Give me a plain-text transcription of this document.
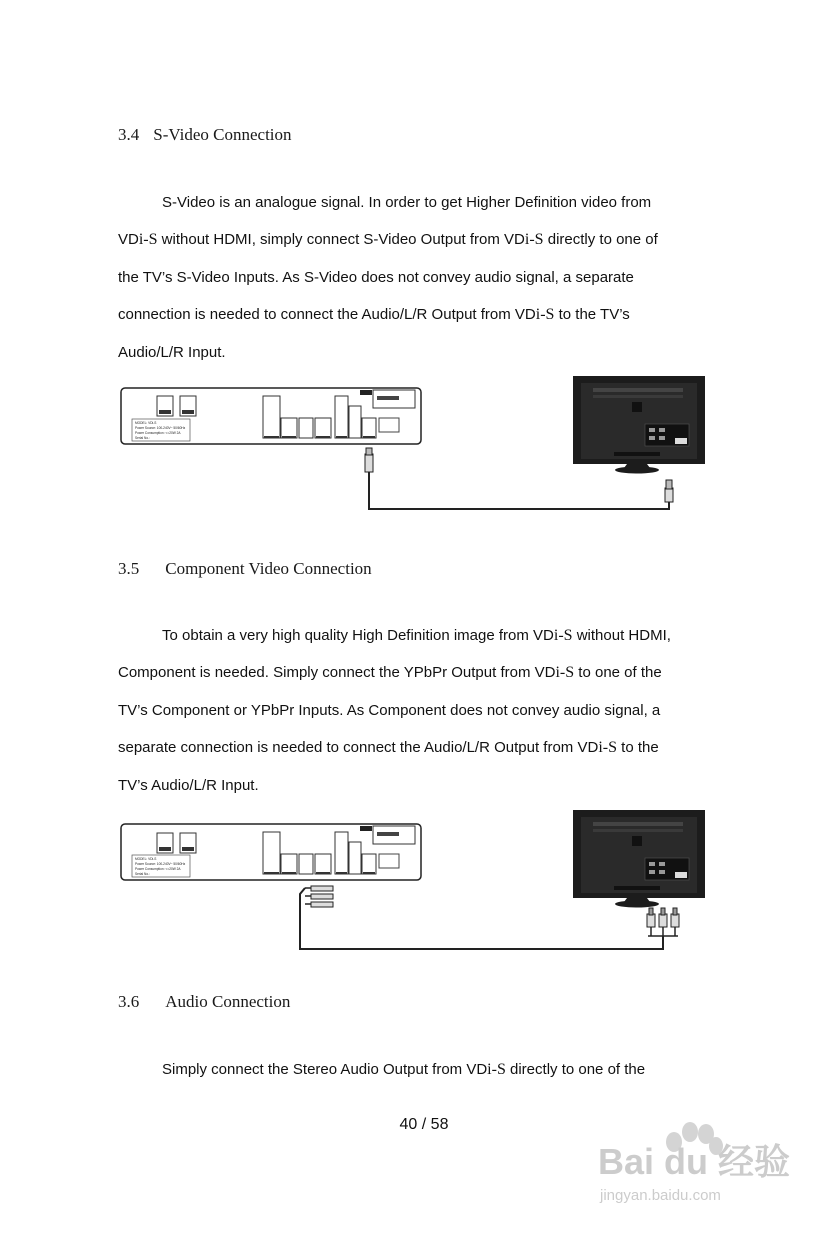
3.4 S-Video Connection
S-Video is an analogue signal. In order to get Higher Definition video from
VDi-S without HDMI, simply connect S-Video Output from VDi-S directly to one of
the TV’s S-Video Inputs. As S-Video does not convey audio signal, a separate
connection is needed to connect the Audio/L/R Output from VDi-S to the TV’s
Audio/L/R Input.
MODEL: VDi-S
Power Source: 100-240V~ 50/60Hz
Power Consumption: <=20W 2A
Serial No.:
3.5 Component Video Connection
To obtain a very high quality High Definition image from VDi-S without HDMI,
Component is needed. Simply connect the YPbPr Output from VDi-S to one of the
TV’s Component or YPbPr Inputs. As Component does not convey audio signal, a
separate connection is needed to connect the Audio/L/R Output from VDi-S to the
TV’s Audio/L/R Input.
MODEL: VDi-S
Power Source: 100-240V~ 50/60Hz
Power Consumption: <=20W 2A
Serial No.:
3.6 Audio Connection
Simply connect the Stereo Audio Output from VDi-S directly to one of the
40 / 58
Bai du 经验
jingyan.baidu.com
